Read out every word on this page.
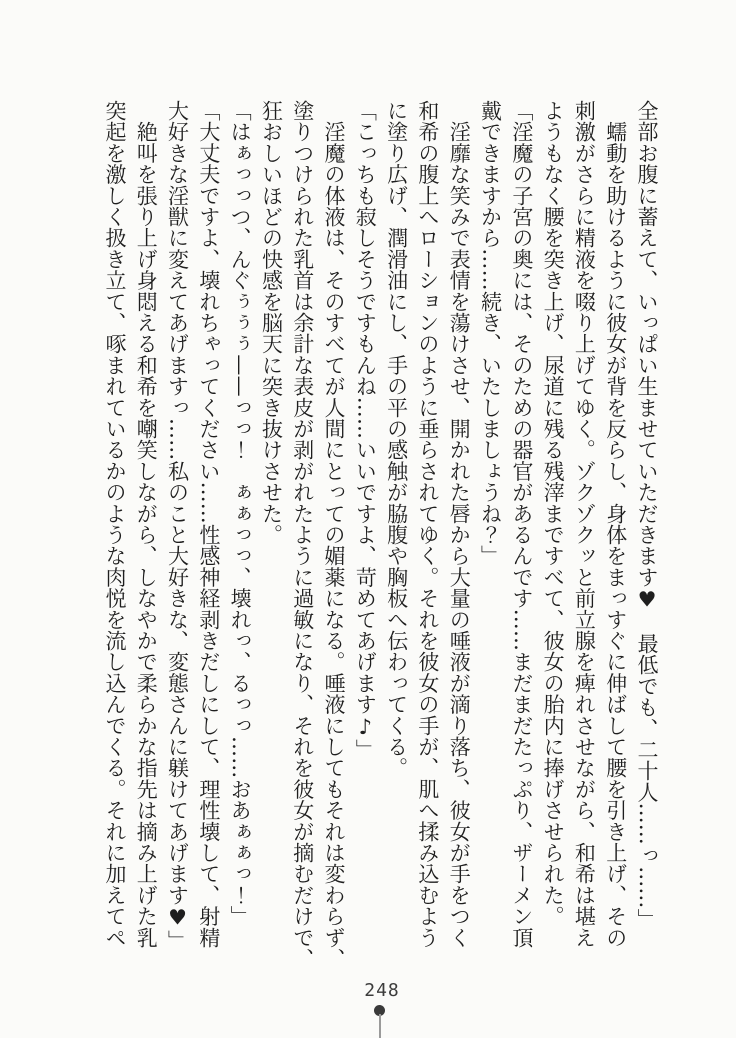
全部お腹に蓄えて、いっぱい生ませていただきます♥　最低でも、二十人……っ……」

　蠕動を助けるように彼女が背を反らし、身体をまっすぐに伸ばして腰を引き上げ、その

刺激がさらに精液を啜り上げてゆく。ゾクゾクッと前立腺を痺れさせながら、和希は堪え

ようもなく腰を突き上げ、尿道に残る残滓まですべて、彼女の胎内に捧げさせられた。

「淫魔の子宮の奥には、そのための器官があるんです……まだまだたっぷり、ザーメン頂

戴できますから……続き、いたしましょうね？」

　淫靡な笑みで表情を蕩けさせ、開かれた唇から大量の唾液が滴り落ち、彼女が手をつく

和希の腹上へローションのように垂らされてゆく。それを彼女の手が、肌へ揉み込むよう

に塗り広げ、潤滑油にし、手の平の感触が脇腹や胸板へ伝わってくる。

「こっちも寂しそうですもんね……いいですよ、苛めてあげます♪」

　淫魔の体液は、そのすべてが人間にとっての媚薬になる。唾液にしてもそれは変わらず、

塗りつけられた乳首は余計な表皮が剥がれたように過敏になり、それを彼女が摘むだけで、

狂おしいほどの快感を脳天に突き抜けさせた。

「はぁっっつ、んぐぅぅぅ——っっ！　ぁぁっっ、壊れっ、るっっ……おあぁぁっ！」

「大丈夫ですよ、壊れちゃってください……性感神経剥きだしにして、理性壊して、射精

大好きな淫獣に変えてあげますっ……私のこと大好きな、変態さんに躾けてあげます♥」

　絶叫を張り上げ身悶える和希を嘲笑しながら、しなやかで柔らかな指先は摘み上げた乳

突起を激しく扱き立て、啄まれているかのような肉悦を流し込んでくる。それに加えてペ

248
